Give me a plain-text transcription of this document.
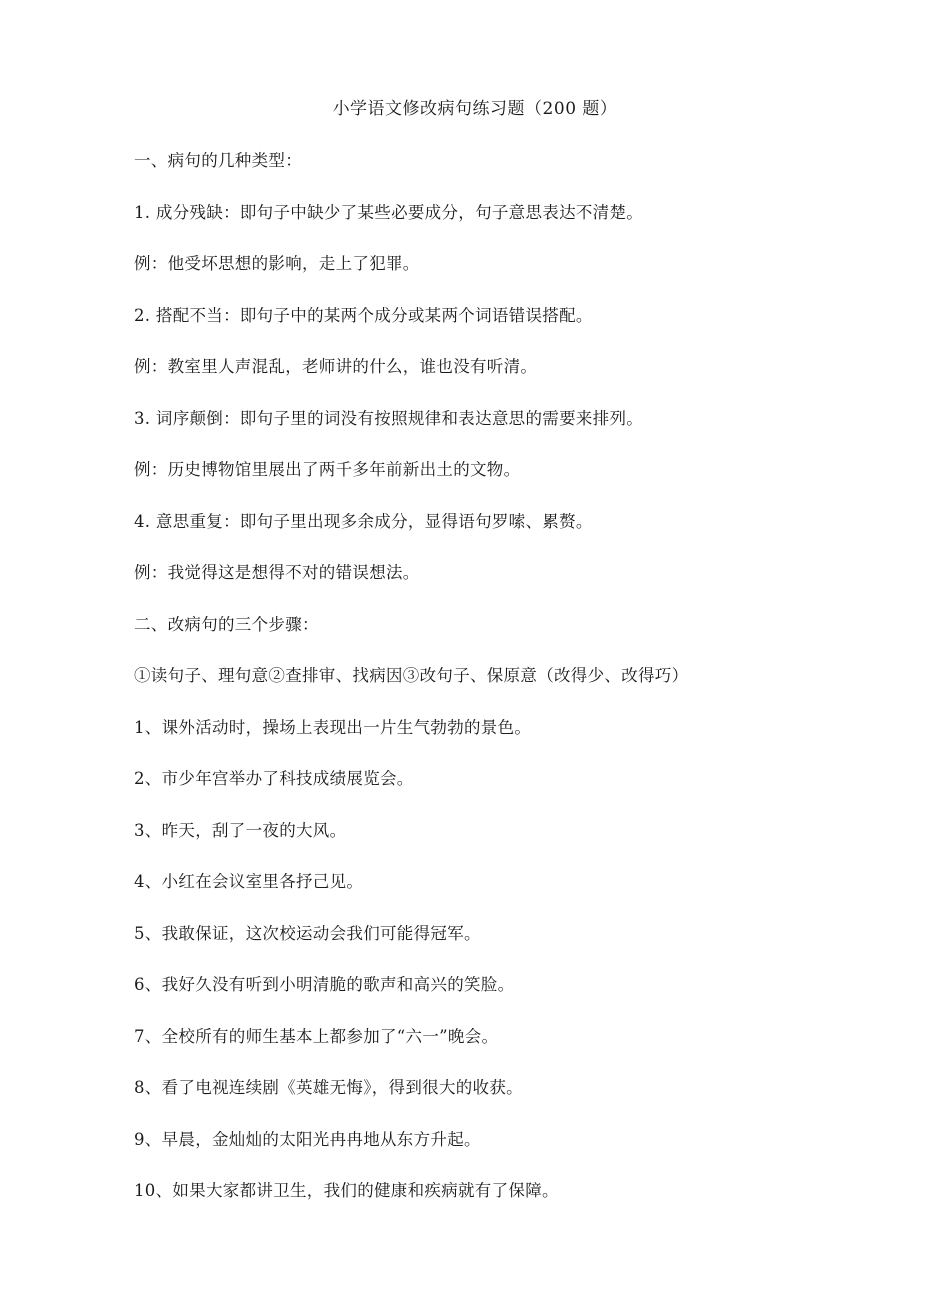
小学语文修改病句练习题（200 题）
一、病句的几种类型：
1. 成分残缺：即句子中缺少了某些必要成分，句子意思表达不清楚。
例：他受坏思想的影响，走上了犯罪。
2. 搭配不当：即句子中的某两个成分或某两个词语错误搭配。
例：教室里人声混乱，老师讲的什么，谁也没有听清。
3. 词序颠倒：即句子里的词没有按照规律和表达意思的需要来排列。
例：历史博物馆里展出了两千多年前新出土的文物。
4. 意思重复：即句子里出现多余成分，显得语句罗嗦、累赘。
例：我觉得这是想得不对的错误想法。
二、改病句的三个步骤：
①读句子、理句意②查排审、找病因③改句子、保原意（改得少、改得巧）
1、课外活动时，操场上表现出一片生气勃勃的景色。
2、市少年宫举办了科技成绩展览会。
3、昨天，刮了一夜的大风。
4、小红在会议室里各抒己见。
5、我敢保证，这次校运动会我们可能得冠军。
6、我好久没有听到小明清脆的歌声和高兴的笑脸。
7、全校所有的师生基本上都参加了“六一”晚会。
8、看了电视连续剧《英雄无悔》，得到很大的收获。
9、早晨，金灿灿的太阳光冉冉地从东方升起。
10、如果大家都讲卫生，我们的健康和疾病就有了保障。
